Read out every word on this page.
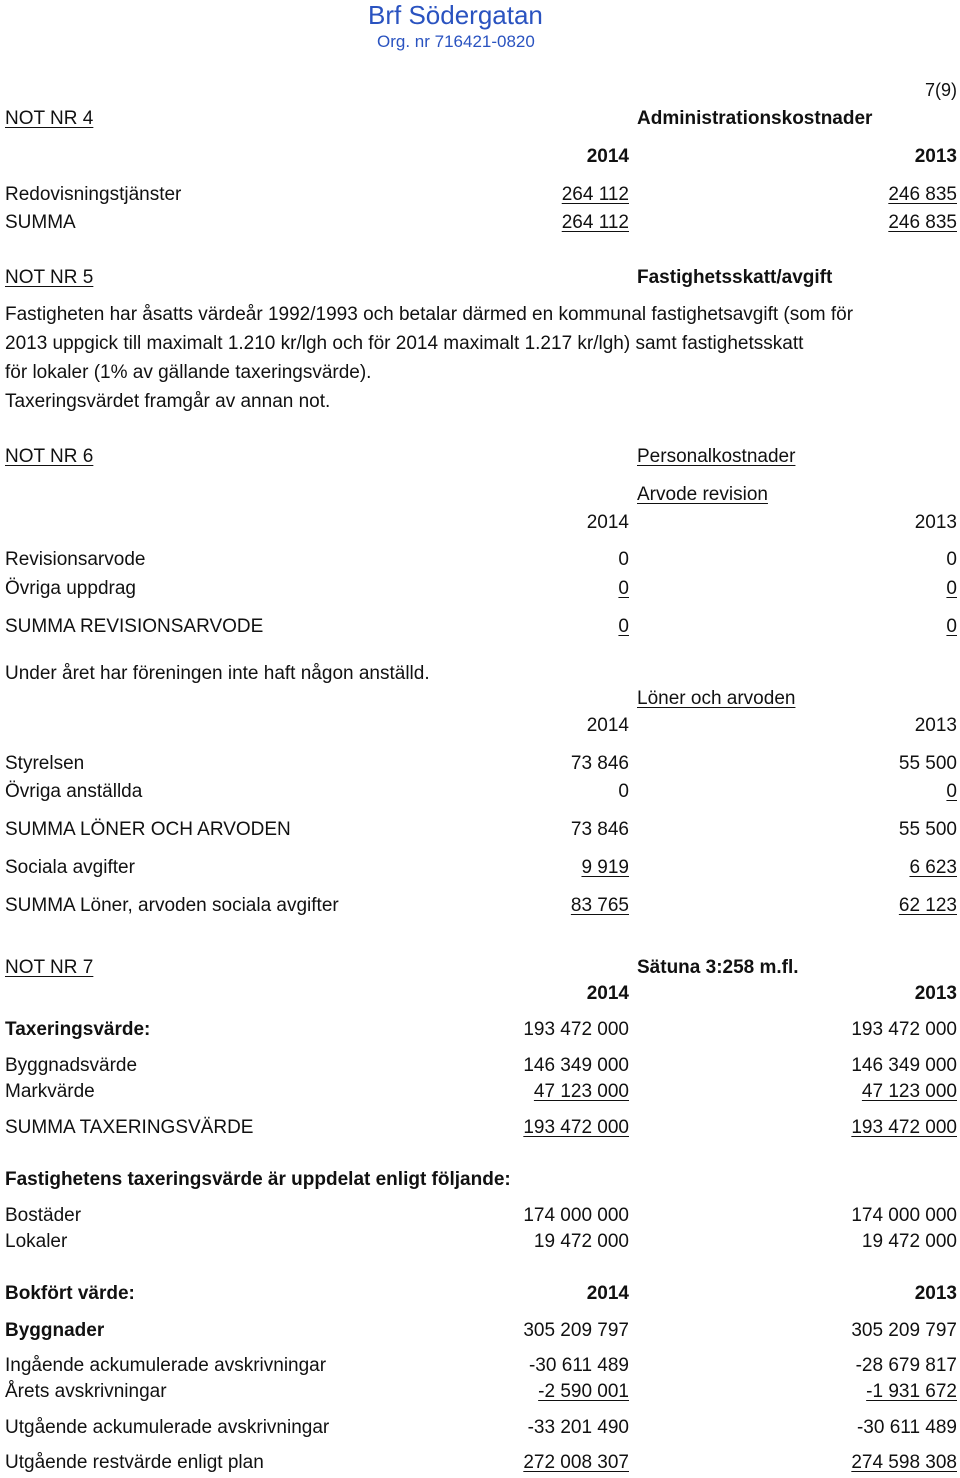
Brf Södergatan
Org. nr 716421-0820
7(9)
NOT NR 4	Administrationskostnader
2014	2013
Redovisningstjänster	264 112	246 835
SUMMA	264 112	246 835
NOT NR 5	Fastighetsskatt/avgift
Fastigheten har åsatts värdeår 1992/1993 och betalar därmed en kommunal fastighetsavgift (som för
2013 uppgick till maximalt 1.210 kr/lgh och för 2014 maximalt 1.217 kr/lgh) samt fastighetsskatt
för lokaler (1% av gällande taxeringsvärde).
Taxeringsvärdet framgår av annan not.
NOT NR 6	Personalkostnader
Arvode revision
2014	2013
Revisionsarvode	0	0
Övriga uppdrag	0	0
SUMMA REVISIONSARVODE	0	0
Under året har föreningen inte haft någon anställd.
Löner och arvoden
2014	2013
Styrelsen	73 846	55 500
Övriga anställda	0	0
SUMMA LÖNER OCH ARVODEN	73 846	55 500
Sociala avgifter	9 919	6 623
SUMMA Löner, arvoden sociala avgifter	83 765	62 123
NOT NR 7	Sätuna 3:258 m.fl.
2014	2013
Taxeringsvärde:	193 472 000	193 472 000
Byggnadsvärde	146 349 000	146 349 000
Markvärde	47 123 000	47 123 000
SUMMA TAXERINGSVÄRDE	193 472 000	193 472 000
Fastighetens taxeringsvärde är uppdelat enligt följande:
Bostäder	174 000 000	174 000 000
Lokaler	19 472 000	19 472 000
Bokfört värde:	2014	2013
Byggnader	305 209 797	305 209 797
Ingående ackumulerade avskrivningar	-30 611 489	-28 679 817
Årets avskrivningar	-2 590 001	-1 931 672
Utgående ackumulerade avskrivningar	-33 201 490	-30 611 489
Utgående restvärde enligt plan	272 008 307	274 598 308
